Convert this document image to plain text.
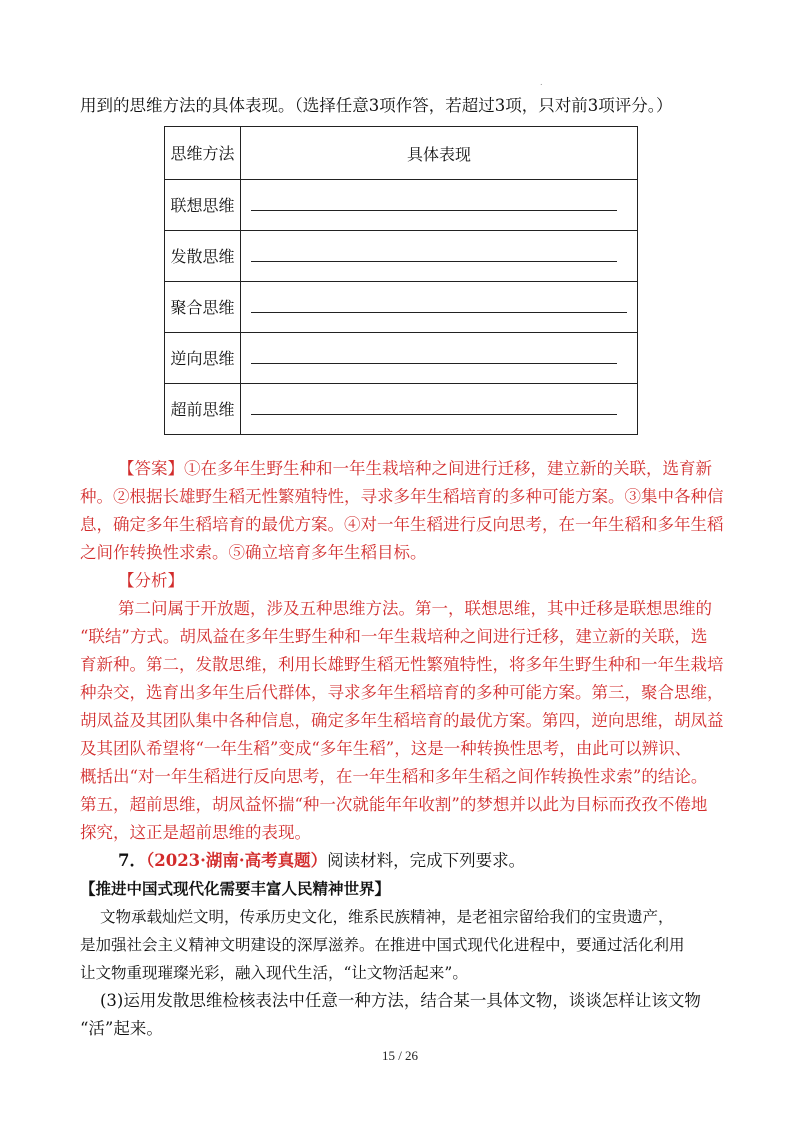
.
用到的思维方法的具体表现。（选择任意3项作答，若超过3项，只对前3项评分。）
思维方法	具体表现
联想思维	

发散思维	

聚合思维	

逆向思维	

超前思维	
【答案】①在多年生野生种和一年生栽培种之间进行迁移，建立新的关联，选育新
种。②根据长雄野生稻无性繁殖特性，寻求多年生稻培育的多种可能方案。③集中各种信
息，确定多年生稻培育的最优方案。④对一年生稻进行反向思考，在一年生稻和多年生稻
之间作转换性求索。⑤确立培育多年生稻目标。
【分析】
第二问属于开放题，涉及五种思维方法。第一，联想思维，其中迁移是联想思维的
“联结”方式。胡凤益在多年生野生种和一年生栽培种之间进行迁移，建立新的关联，选
育新种。第二，发散思维，利用长雄野生稻无性繁殖特性，将多年生野生种和一年生栽培
种杂交，选育出多年生后代群体，寻求多年生稻培育的多种可能方案。第三，聚合思维，
胡凤益及其团队集中各种信息，确定多年生稻培育的最优方案。第四，逆向思维，胡凤益
及其团队希望将“一年生稻”变成“多年生稻”，这是一种转换性思考，由此可以辨识、
概括出“对一年生稻进行反向思考，在一年生稻和多年生稻之间作转换性求索”的结论。
第五，超前思维，胡凤益怀揣“种一次就能年年收割”的梦想并以此为目标而孜孜不倦地
探究，这正是超前思维的表现。
7．（2023·湖南·高考真题）阅读材料，完成下列要求。
【推进中国式现代化需要丰富人民精神世界】
文物承载灿烂文明，传承历史文化，维系民族精神，是老祖宗留给我们的宝贵遗产，
是加强社会主义精神文明建设的深厚滋养。在推进中国式现代化进程中，要通过活化利用
让文物重现璀璨光彩，融入现代生活，“让文物活起来”。
(3)运用发散思维检核表法中任意一种方法，结合某一具体文物，谈谈怎样让该文物
“活”起来。
15 / 26
